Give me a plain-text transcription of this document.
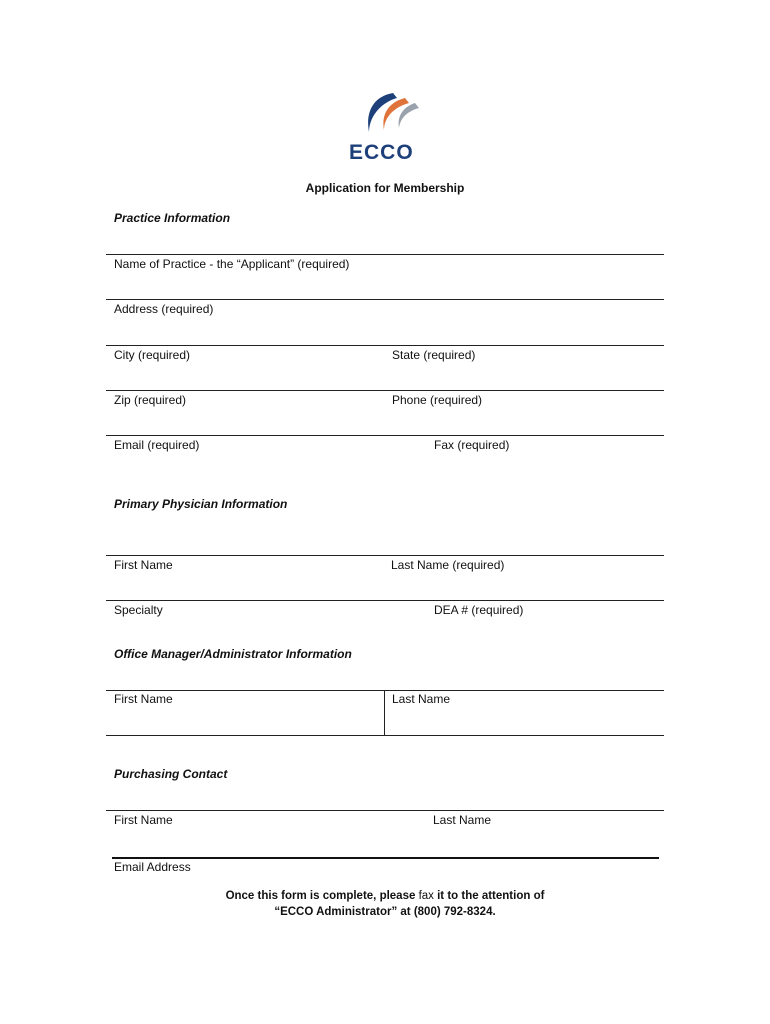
ECCO
Application for Membership
Practice Information
Name of Practice - the “Applicant” (required)
Address (required)
City (required)	State (required)
Zip (required)	Phone (required)
Email (required)	Fax (required)
Primary Physician Information
First Name	Last Name (required)
Specialty	DEA # (required)
Office Manager/Administrator Information
First Name	Last Name
Purchasing Contact
First Name	Last Name
Email Address
Once this form is complete, please fax it to the attention of
“ECCO Administrator” at (800) 792-8324.
